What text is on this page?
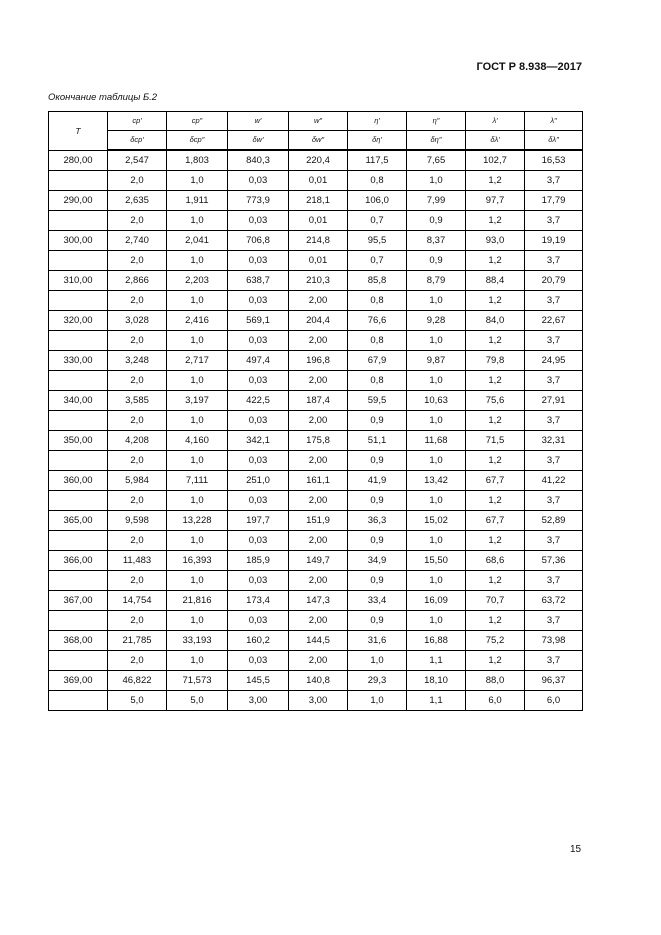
ГОСТ Р 8.938—2017
Окончание таблицы Б.2
T	cp′	cp″	w′	w″	η′	η″	λ′	λ″
	δcp′	δcp″	δw′	δw″	δη′	δη″	δλ′	δλ″
280,00	2,547	1,803	840,3	220,4	117,5	7,65	102,7	16,53
	2,0	1,0	0,03	0,01	0,8	1,0	1,2	3,7
290,00	2,635	1,911	773,9	218,1	106,0	7,99	97,7	17,79
	2,0	1,0	0,03	0,01	0,7	0,9	1,2	3,7
300,00	2,740	2,041	706,8	214,8	95,5	8,37	93,0	19,19
	2,0	1,0	0,03	0,01	0,7	0,9	1,2	3,7
310,00	2,866	2,203	638,7	210,3	85,8	8,79	88,4	20,79
	2,0	1,0	0,03	2,00	0,8	1,0	1,2	3,7
320,00	3,028	2,416	569,1	204,4	76,6	9,28	84,0	22,67
	2,0	1,0	0,03	2,00	0,8	1,0	1,2	3,7
330,00	3,248	2,717	497,4	196,8	67,9	9,87	79,8	24,95
	2,0	1,0	0,03	2,00	0,8	1,0	1,2	3,7
340,00	3,585	3,197	422,5	187,4	59,5	10,63	75,6	27,91
	2,0	1,0	0,03	2,00	0,9	1,0	1,2	3,7
350,00	4,208	4,160	342,1	175,8	51,1	11,68	71,5	32,31
	2,0	1,0	0,03	2,00	0,9	1,0	1,2	3,7
360,00	5,984	7,111	251,0	161,1	41,9	13,42	67,7	41,22
	2,0	1,0	0,03	2,00	0,9	1,0	1,2	3,7
365,00	9,598	13,228	197,7	151,9	36,3	15,02	67,7	52,89
	2,0	1,0	0,03	2,00	0,9	1,0	1,2	3,7
366,00	11,483	16,393	185,9	149,7	34,9	15,50	68,6	57,36
	2,0	1,0	0,03	2,00	0,9	1,0	1,2	3,7
367,00	14,754	21,816	173,4	147,3	33,4	16,09	70,7	63,72
	2,0	1,0	0,03	2,00	0,9	1,0	1,2	3,7
368,00	21,785	33,193	160,2	144,5	31,6	16,88	75,2	73,98
	2,0	1,0	0,03	2,00	1,0	1,1	1,2	3,7
369,00	46,822	71,573	145,5	140,8	29,3	18,10	88,0	96,37
	5,0	5,0	3,00	3,00	1,0	1,1	6,0	6,0
15
